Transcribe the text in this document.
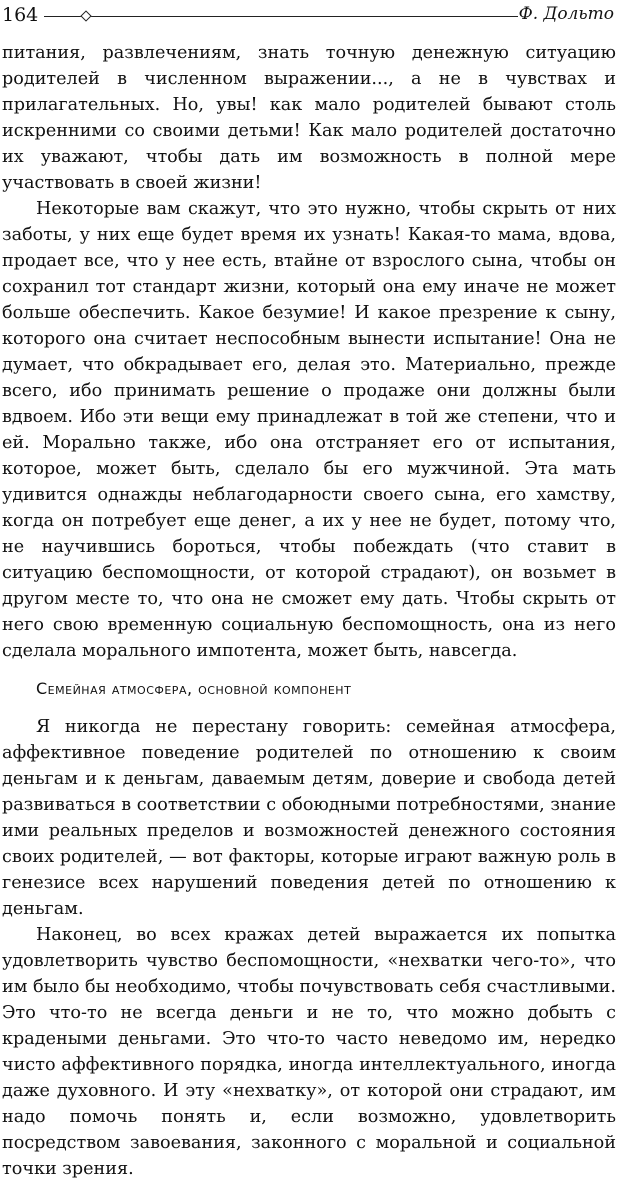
164	Ф. Дольто

питания, развлечениям, знать точную денежную ситуацию родителей в численном выражении..., а не в чувствах и прилагательных. Но, увы! как мало родителей бывают столь искренними со своими детьми! Как мало родителей достаточно их уважают, чтобы дать им возможность в полной мере участвовать в своей жизни!

Некоторые вам скажут, что это нужно, чтобы скрыть от них заботы, у них еще будет время их узнать! Какая-то мама, вдова, продает все, что у нее есть, втайне от взрослого сына, чтобы он сохранил тот стандарт жизни, который она ему иначе не может больше обеспечить. Какое безумие! И какое презрение к сыну, которого она считает неспособным вынести испытание! Она не думает, что обкрадывает его, делая это. Материально, прежде всего, ибо принимать решение о продаже они должны были вдвоем. Ибо эти вещи ему принадлежат в той же степени, что и ей. Морально также, ибо она отстраняет его от испытания, которое, может быть, сделало бы его мужчиной. Эта мать удивится однажды неблагодарности своего сына, его хамству, когда он потребует еще денег, а их у нее не будет, потому что, не научившись бороться, чтобы побеждать (что ставит в ситуацию беспомощности, от которой страдают), он возьмет в другом месте то, что она не сможет ему дать. Чтобы скрыть от него свою временную социальную беспомощность, она из него сделала морального импотента, может быть, навсегда.

Семейная атмосфера, основной компонент

Я никогда не перестану говорить: семейная атмосфера, аффективное поведение родителей по отношению к своим деньгам и к деньгам, даваемым детям, доверие и свобода детей развиваться в соответствии с обоюдными потребностями, знание ими реальных пределов и возможностей денежного состояния своих родителей, — вот факторы, которые играют важную роль в генезисе всех нарушений поведения детей по отношению к деньгам.

Наконец, во всех кражах детей выражается их попытка удовлетворить чувство беспомощности, «нехватки чего-то», что им было бы необходимо, чтобы почувствовать себя счастливыми. Это что-то не всегда деньги и не то, что можно добыть с крадеными деньгами. Это что-то часто неведомо им, нередко чисто аффективного порядка, иногда интеллектуального, иногда даже духовного. И эту «нехватку», от которой они страдают, им надо помочь понять и, если возможно, удовлетворить посредством завоевания, законного с моральной и социальной точки зрения.
